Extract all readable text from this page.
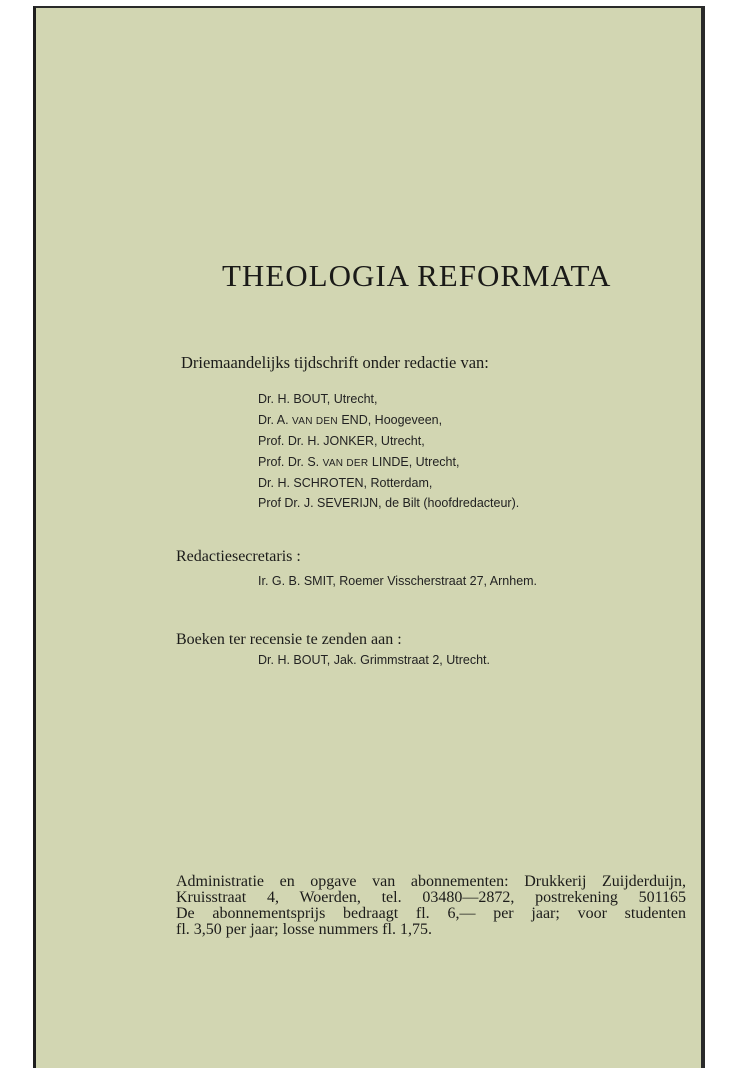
THEOLOGIA REFORMATA
Driemaandelijks tijdschrift onder redactie van:
Dr. H. BOUT, Utrecht,
Dr. A. VAN DEN END, Hoogeveen,
Prof. Dr. H. JONKER, Utrecht,
Prof. Dr. S. VAN DER LINDE, Utrecht,
Dr. H. SCHROTEN, Rotterdam,
Prof Dr. J. SEVERIJN, de Bilt (hoofdredacteur).
Redactiesecretaris :
Ir. G. B. SMIT, Roemer Visscherstraat 27, Arnhem.
Boeken ter recensie te zenden aan :
Dr. H. BOUT, Jak. Grimmstraat 2, Utrecht.
Administratie en opgave van abonnementen: Drukkerij Zuijderduijn,
Kruisstraat 4, Woerden, tel. 03480—2872, postrekening 501165
De abonnementsprijs bedraagt fl. 6,— per jaar; voor studenten
fl. 3,50 per jaar; losse nummers fl. 1,75.
